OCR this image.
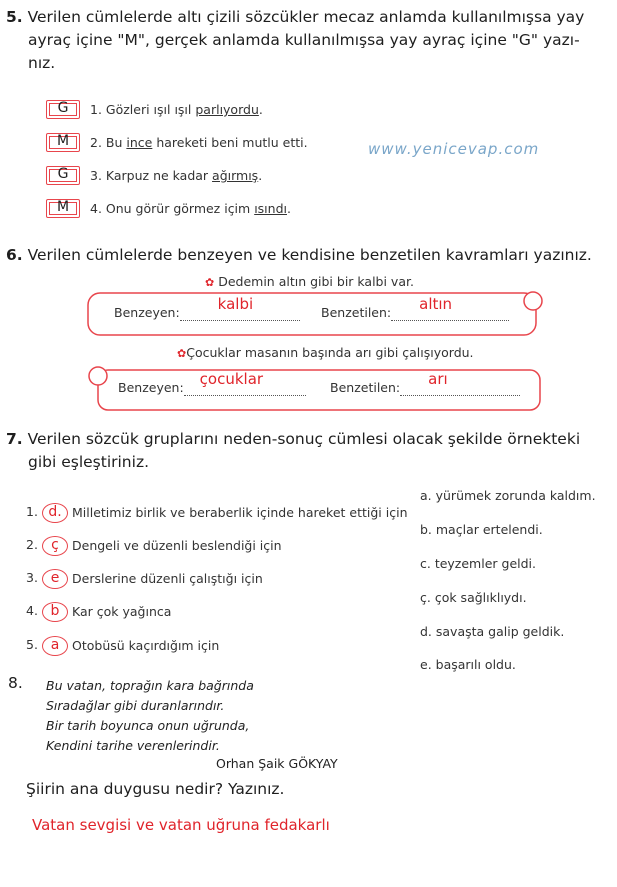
5. Verilen cümlelerde altı çizili sözcükler mecaz anlamda kullanılmışsa yay
ayraç içine "M", gerçek anlamda kullanılmışsa yay ayraç içine "G" yazı-
nız.
G	1. Gözleri ışıl ışıl parlıyordu.
M	2. Bu ince hareketi beni mutlu etti.
G	3. Karpuz ne kadar ağırmış.
M	4. Onu görür görmez içim ısındı.
www.yenicevap.com
6. Verilen cümlelerde benzeyen ve kendisine benzetilen kavramları yazınız.
✿ Dedemin altın gibi bir kalbi var.
Benzeyen:	kalbi
	Benzetilen: altın

✿Çocuklar masanın başında arı gibi çalışıyordu.
Benzeyen: çocuklar
	Benzetilen: arı

7. Verilen sözcük gruplarını neden-sonuç cümlesi olacak şekilde örnekteki
gibi eşleştiriniz.
1. d. Milletimiz birlik ve beraberlik içinde hareket ettiği için
2. ç	Dengeli ve düzenli beslendiği için
3. e	Derslerine düzenli çalıştığı için
4. b	Kar çok yağınca
5. a	Otobüsü kaçırdığım için
a. yürümek zorunda kaldım.
b. maçlar ertelendi.
c. teyzemler geldi.
ç. çok sağlıklıydı.
d. savaşta galip geldik.
e. başarılı oldu.
8. Bu vatan, toprağın kara bağrında
Sıradağlar gibi duranlarındır.
Bir tarih boyunca onun uğrunda,
Kendini tarihe verenlerindir.
Orhan Şaik GÖKYAY
Şiirin ana duygusu nedir? Yazınız.
Vatan sevgisi ve vatan uğruna fedakarlı
